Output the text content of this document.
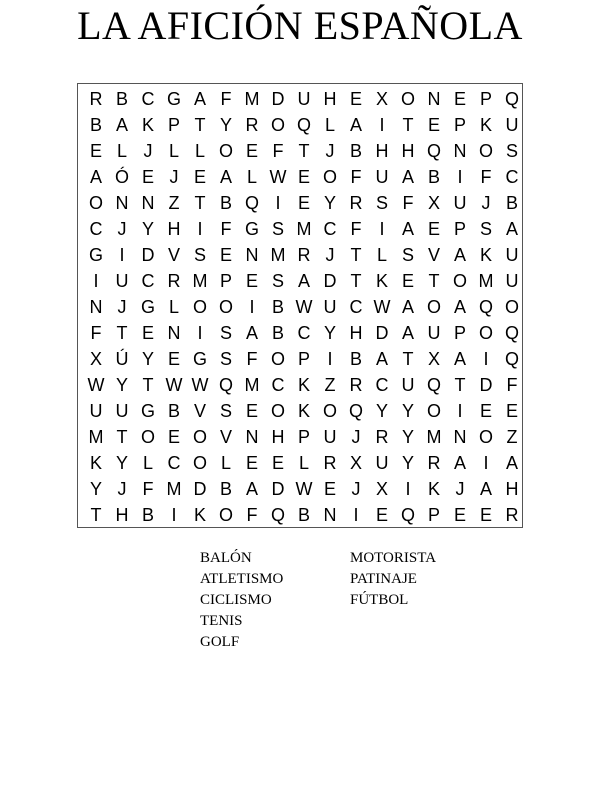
LA AFICIÓN ESPAÑOLA
R B C G A F M D U H E X O N E P Q
B A K P T Y R O Q L A I	T E P K U
E L J L L O E F T J B H H Q N O S
A Ó E J E A L W E O F U A B I	F C
O N N Z T B Q I E Y R S F X U J B
C J Y H I	F G S M C F I A E P S A
G I D V S E N M R J T L S V A K U
I U C R M P E S A D T K E T O M U
N J G L O O I B W U C W A O A Q O
F T E N I S A B C Y H D A U P O Q
X Ú Y E G S F O P I B A T X A I Q
W Y T W W Q M C K Z R C U Q T D F
U U G B V S E O K O Q Y Y O I E E
M T O E O V N H P U J R Y M N O Z
K Y L C O L E E L R X U Y R A I A
Y J F M D B A D W E J X I K J A H
T H B I K O F Q B N I E Q P E E R
BALÓN
ATLETISMO
CICLISMO
TENIS
GOLF
MOTORISTA
PATINAJE
FÚTBOL
